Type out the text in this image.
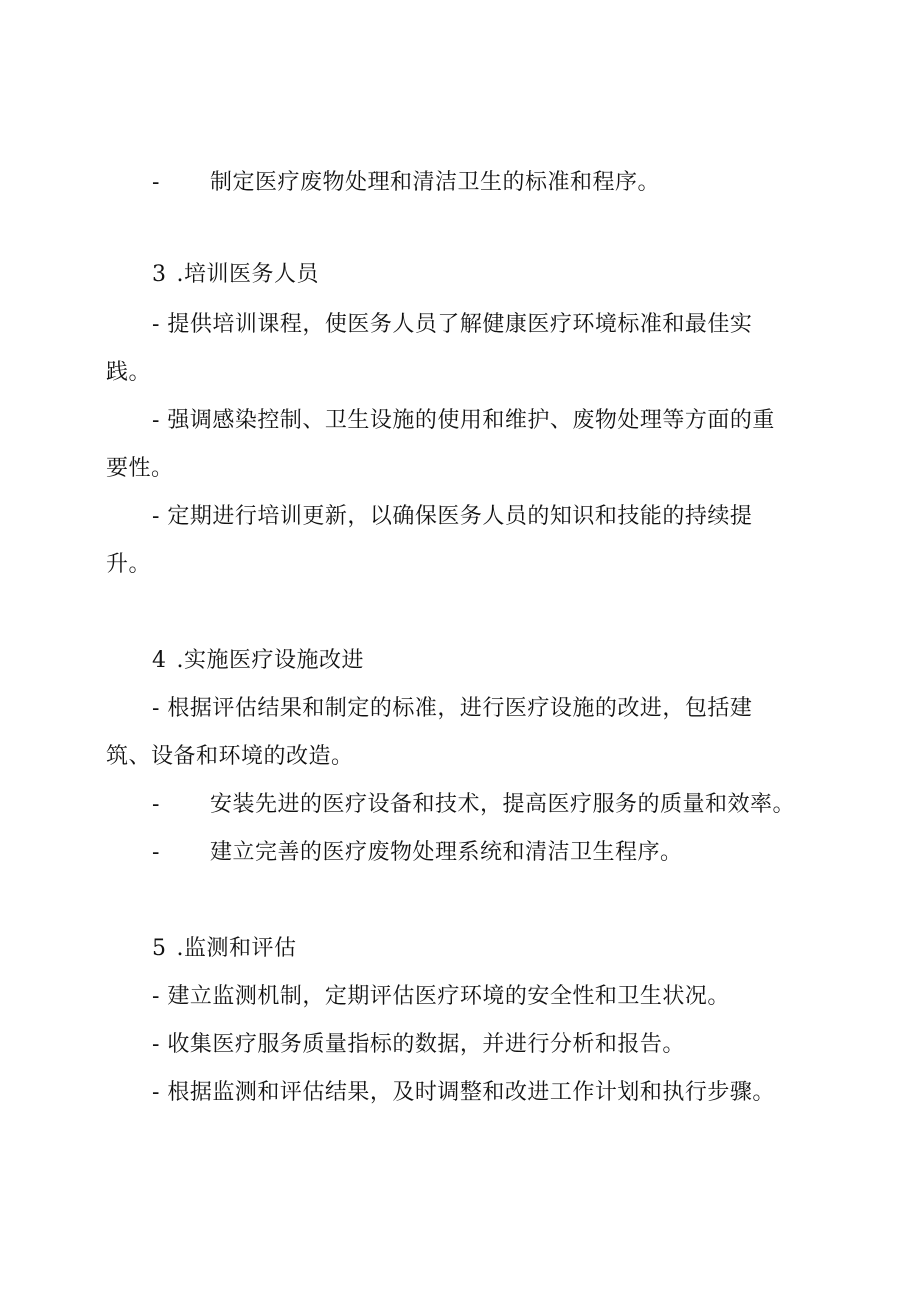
- 制定医疗废物处理和清洁卫生的标准和程序。
3 .培训医务人员
- 提供培训课程，使医务人员了解健康医疗环境标准和最佳实
践。
- 强调感染控制、卫生设施的使用和维护、废物处理等方面的重
要性。
- 定期进行培训更新，以确保医务人员的知识和技能的持续提
升。
4 .实施医疗设施改进
- 根据评估结果和制定的标准，进行医疗设施的改进，包括建
筑、设备和环境的改造。
- 安装先进的医疗设备和技术，提高医疗服务的质量和效率。
- 建立完善的医疗废物处理系统和清洁卫生程序。
5 .监测和评估
- 建立监测机制，定期评估医疗环境的安全性和卫生状况。
- 收集医疗服务质量指标的数据，并进行分析和报告。
- 根据监测和评估结果，及时调整和改进工作计划和执行步骤。
